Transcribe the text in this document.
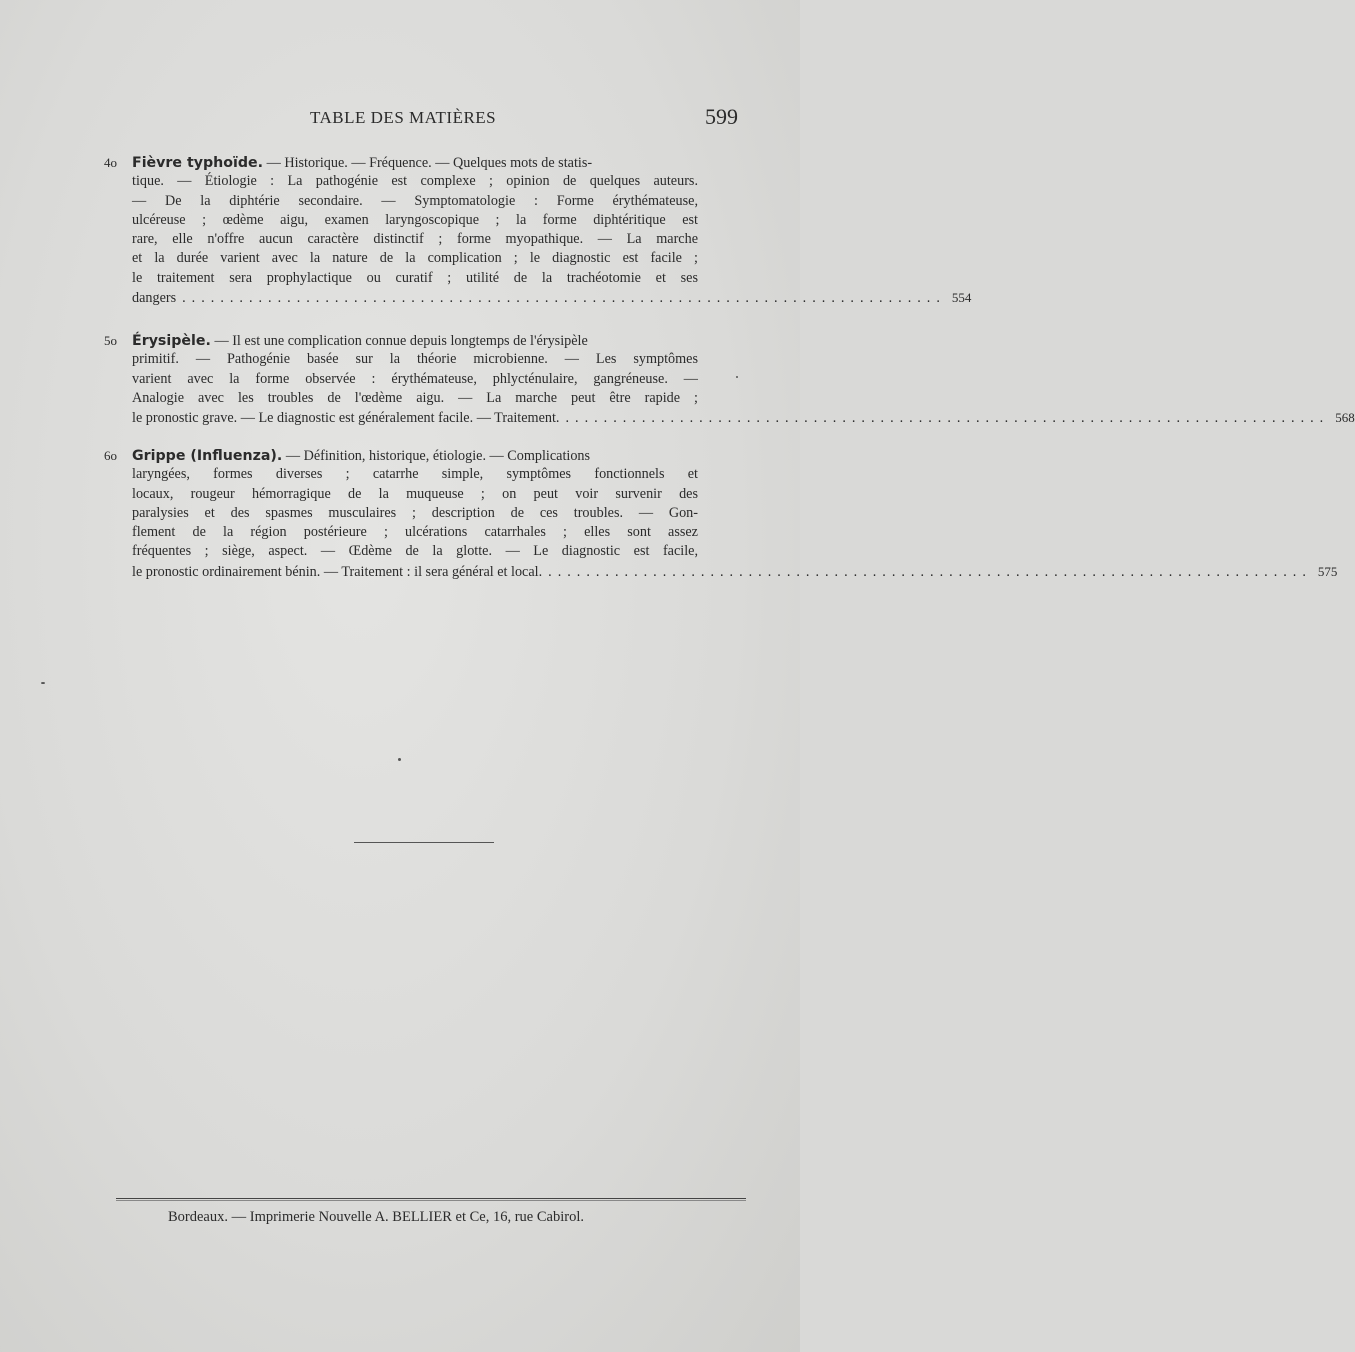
TABLE DES MATIÈRES	599
4o Fièvre typhoïde. — Historique. — Fréquence. — Quelques mots de statis-
tique. — Étiologie : La pathogénie est complexe ; opinion de quelques auteurs.
— De la diphtérie secondaire. — Symptomatologie : Forme érythémateuse,
ulcéreuse ; œdème aigu, examen laryngoscopique ; la forme diphtéritique est
rare, elle n'offre aucun caractère distinctif ; forme myopathique. — La marche
et la durée varient avec la nature de la complication ; le diagnostic est facile ;
le traitement sera prophylactique ou curatif ; utilité de la trachéotomie et ses
dangers ................................................................................ 554
5o Érysipèle. — Il est une complication connue depuis longtemps de l'érysipèle
primitif. — Pathogénie basée sur la théorie microbienne. — Les symptômes
varient avec la forme observée : érythémateuse, phlycténulaire, gangréneuse. —
Analogie avec les troubles de l'œdème aigu. — La marche peut être rapide ;
le pronostic grave. — Le diagnostic est généralement facile. — Traitement. ................................................................................ 568
6o Grippe (Influenza). — Définition, historique, étiologie. — Complications
laryngées, formes diverses ; catarrhe simple, symptômes fonctionnels et
locaux, rougeur hémorragique de la muqueuse ; on peut voir survenir des
paralysies et des spasmes musculaires ; description de ces troubles. — Gon-
flement de la région postérieure ; ulcérations catarrhales ; elles sont assez
fréquentes ; siège, aspect. — Œdème de la glotte. — Le diagnostic est facile,
le pronostic ordinairement bénin. — Traitement : il sera général et local. ................................................................................ 575
Bordeaux. — Imprimerie Nouvelle A. BELLIER et Ce, 16, rue Cabirol.
